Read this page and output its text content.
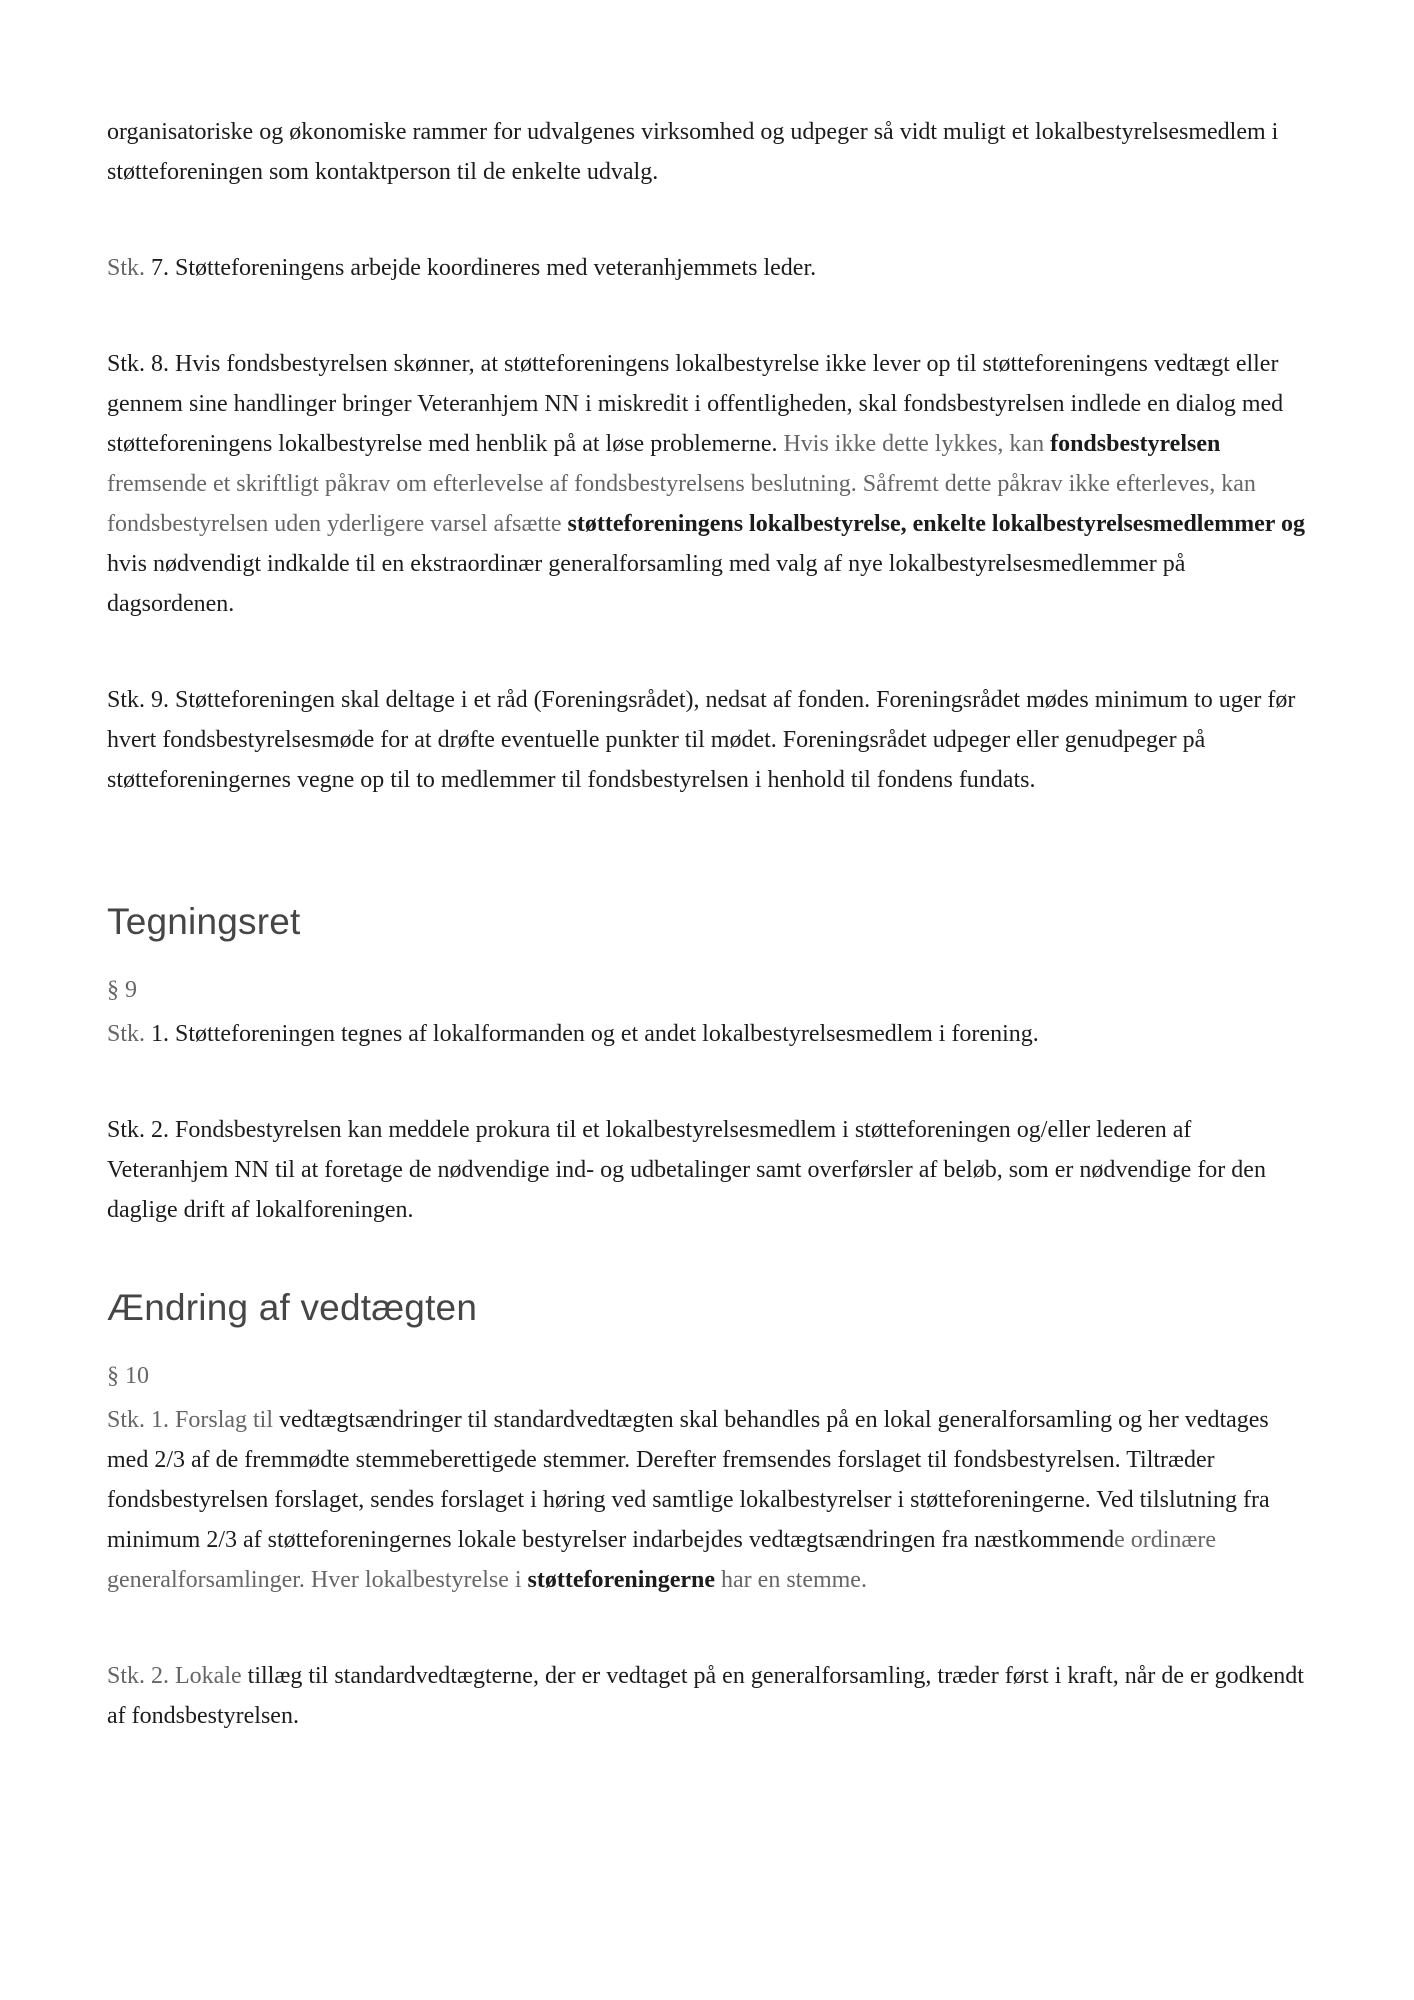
organisatoriske og økonomiske rammer for udvalgenes virksomhed og udpeger så vidt muligt et lokalbestyrelsesmedlem i støtteforeningen som kontaktperson til de enkelte udvalg.

Stk. 7. Støtteforeningens arbejde koordineres med veteranhjemmets leder.

Stk. 8. Hvis fondsbestyrelsen skønner, at støtteforeningens lokalbestyrelse ikke lever op til støtteforeningens vedtægt eller gennem sine handlinger bringer Veteranhjem NN i miskredit i offentligheden, skal fondsbestyrelsen indlede en dialog med støtteforeningens lokalbestyrelse med henblik på at løse problemerne. Hvis ikke dette lykkes, kan fondsbestyrelsen fremsende et skriftligt påkrav om efterlevelse af fondsbestyrelsens beslutning. Såfremt dette påkrav ikke efterleves, kan fondsbestyrelsen uden yderligere varsel afsætte støtteforeningens lokalbestyrelse, enkelte lokalbestyrelsesmedlemmer og hvis nødvendigt indkalde til en ekstraordinær generalforsamling med valg af nye lokalbestyrelsesmedlemmer på dagsordenen.

Stk. 9. Støtteforeningen skal deltage i et råd (Foreningsrådet), nedsat af fonden. Foreningsrådet mødes minimum to uger før hvert fondsbestyrelsesmøde for at drøfte eventuelle punkter til mødet. Foreningsrådet udpeger eller genudpeger på støtteforeningernes vegne op til to medlemmer til fondsbestyrelsen i henhold til fondens fundats.

Tegningsret

§ 9

Stk. 1. Støtteforeningen tegnes af lokalformanden og et andet lokalbestyrelsesmedlem i forening.

Stk. 2. Fondsbestyrelsen kan meddele prokura til et lokalbestyrelsesmedlem i støtteforeningen og/eller lederen af Veteranhjem NN til at foretage de nødvendige ind- og udbetalinger samt overførsler af beløb, som er nødvendige for den daglige drift af lokalforeningen.

Ændring af vedtægten

§ 10

Stk. 1. Forslag til vedtægtsændringer til standardvedtægten skal behandles på en lokal generalforsamling og her vedtages med 2/3 af de fremmødte stemmeberettigede stemmer. Derefter fremsendes forslaget til fondsbestyrelsen. Tiltræder fondsbestyrelsen forslaget, sendes forslaget i høring ved samtlige lokalbestyrelser i støtteforeningerne. Ved tilslutning fra minimum 2/3 af støtteforeningernes lokale bestyrelser indarbejdes vedtægtsændringen fra næstkommende ordinære generalforsamlinger. Hver lokalbestyrelse i støtteforeningerne har en stemme.

Stk. 2. Lokale tillæg til standardvedtægterne, der er vedtaget på en generalforsamling, træder først i kraft, når de er godkendt af fondsbestyrelsen.
